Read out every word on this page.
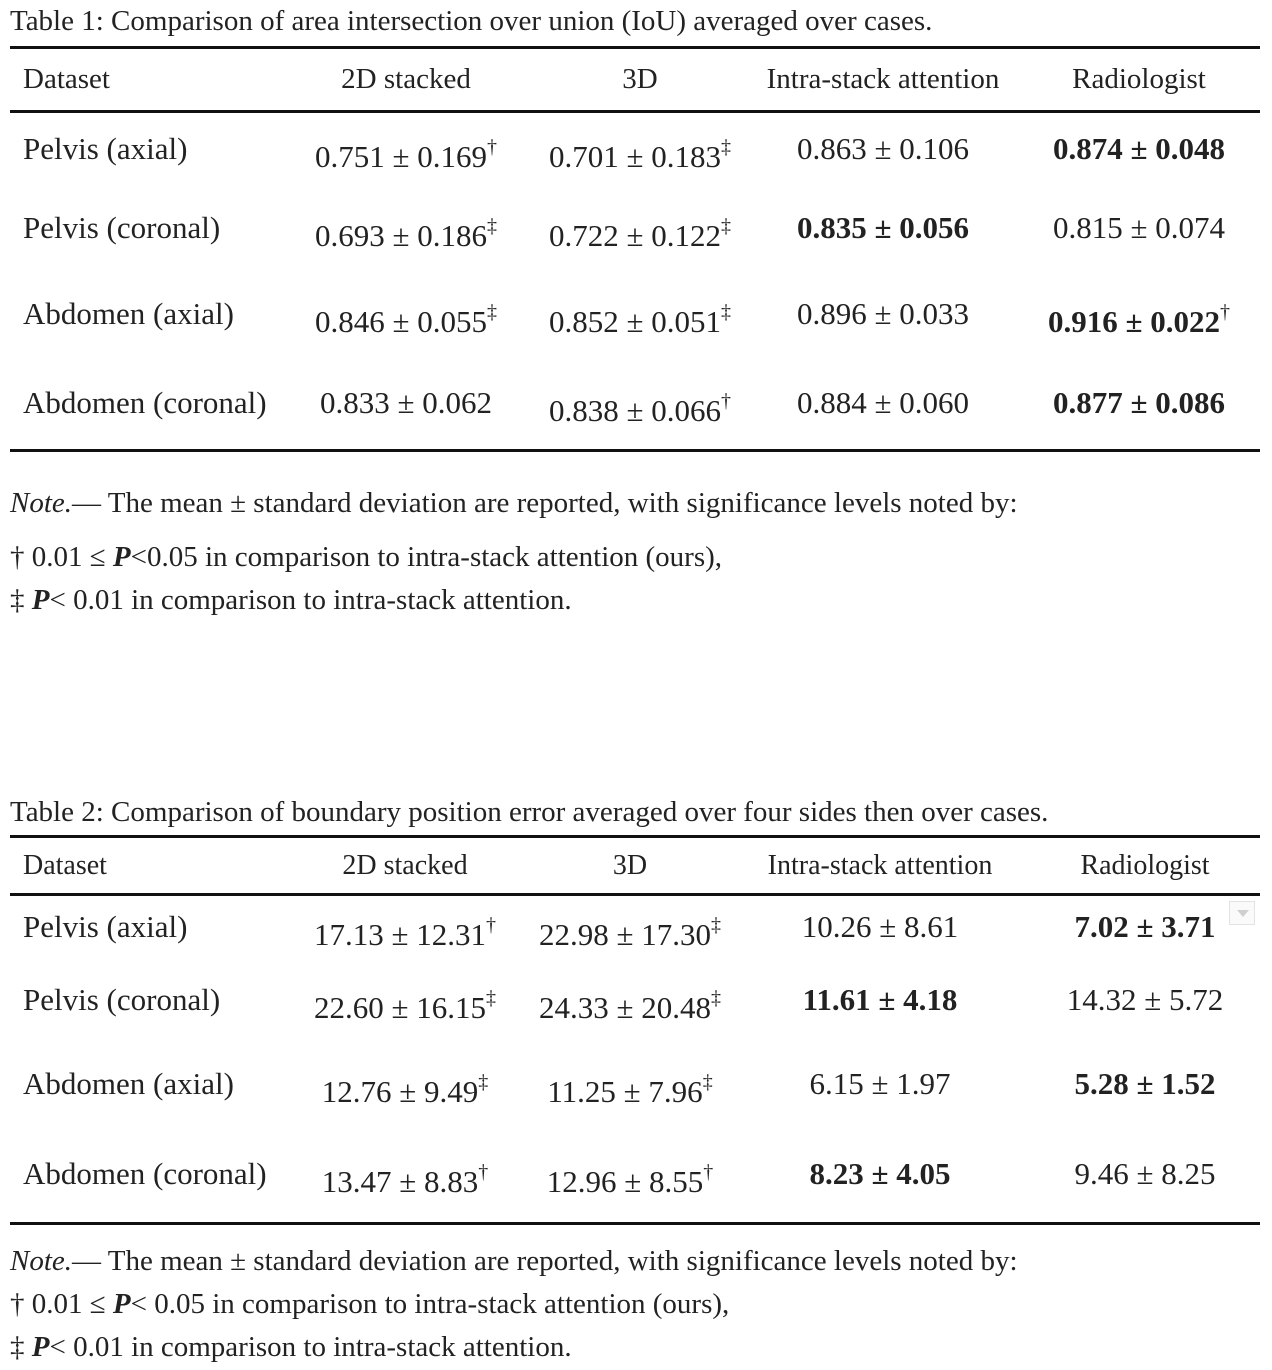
Table 1: Comparison of area intersection over union (IoU) averaged over cases.

Dataset	2D stacked	3D	Intra-stack attention	Radiologist
Pelvis (axial)	0.751 ± 0.169†	0.701 ± 0.183‡	0.863 ± 0.106	0.874 ± 0.048
Pelvis (coronal)	0.693 ± 0.186‡	0.722 ± 0.122‡	0.835 ± 0.056	0.815 ± 0.074
Abdomen (axial)	0.846 ± 0.055‡	0.852 ± 0.051‡	0.896 ± 0.033	0.916 ± 0.022†
Abdomen (coronal)	0.833 ± 0.062	0.838 ± 0.066†	0.884 ± 0.060	0.877 ± 0.086

Note.— The mean ± standard deviation are reported, with significance levels noted by:

† 0.01 ≤ P<0.05 in comparison to intra-stack attention (ours),

‡ P< 0.01 in comparison to intra-stack attention.

Table 2: Comparison of boundary position error averaged over four sides then over cases.

Dataset	2D stacked	3D	Intra-stack attention	Radiologist
Pelvis (axial)	17.13 ± 12.31†	22.98 ± 17.30‡	10.26 ± 8.61	7.02 ± 3.71
Pelvis (coronal)	22.60 ± 16.15‡	24.33 ± 20.48‡	11.61 ± 4.18	14.32 ± 5.72
Abdomen (axial)	12.76 ± 9.49‡	11.25 ± 7.96‡	6.15 ± 1.97	5.28 ± 1.52
Abdomen (coronal)	13.47 ± 8.83†	12.96 ± 8.55†	8.23 ± 4.05	9.46 ± 8.25

Note.— The mean ± standard deviation are reported, with significance levels noted by:

† 0.01 ≤ P< 0.05 in comparison to intra-stack attention (ours),

‡ P< 0.01 in comparison to intra-stack attention.
